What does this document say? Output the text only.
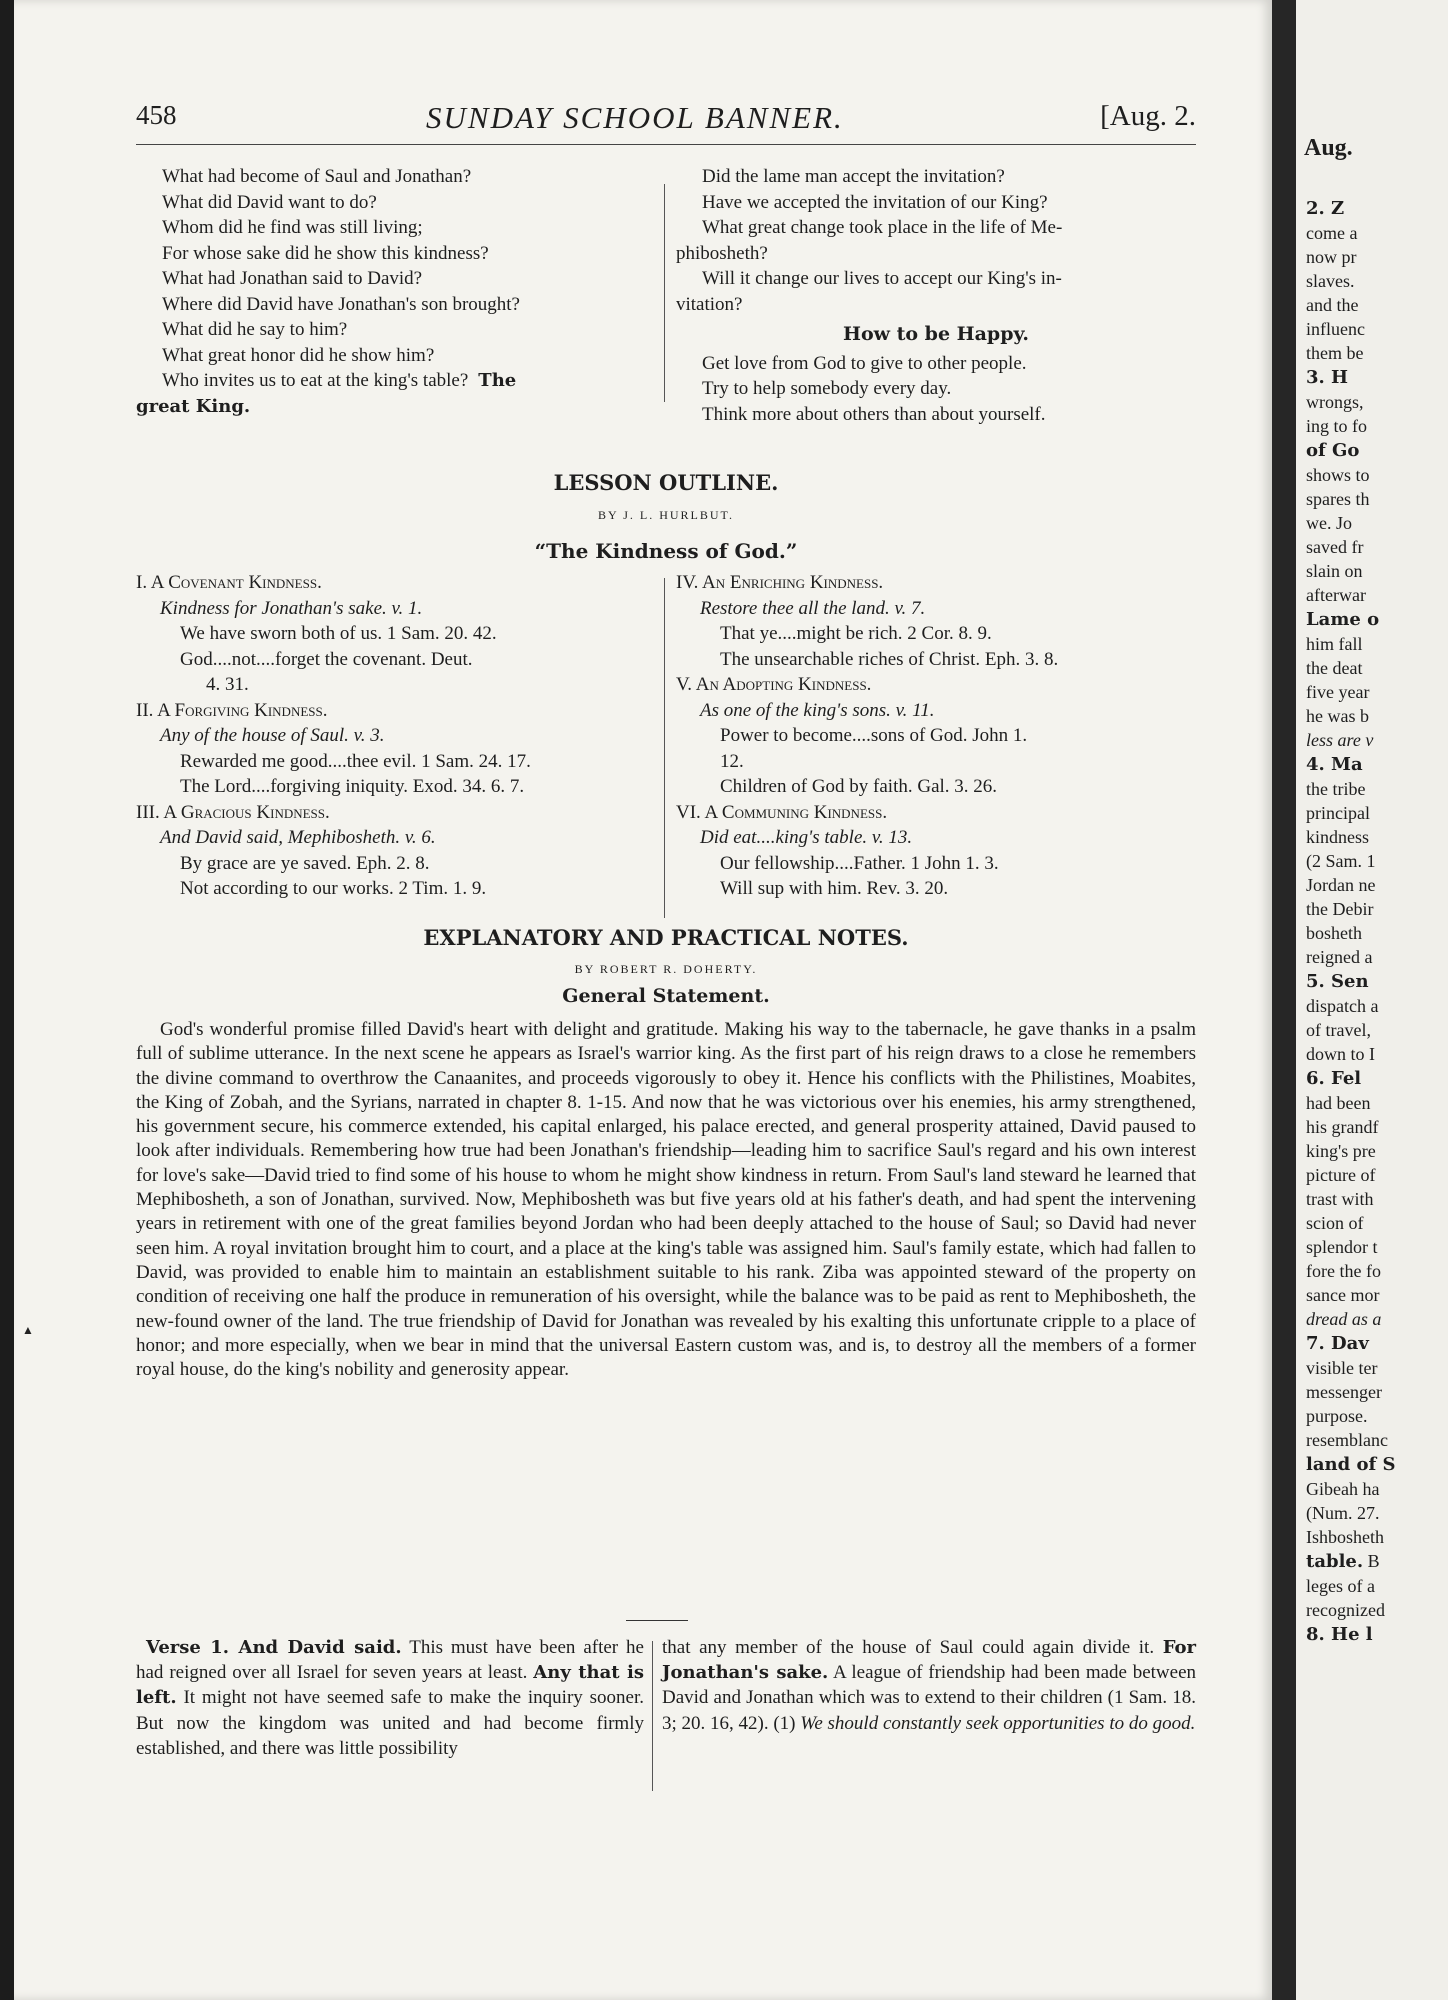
▲
458	SUNDAY SCHOOL BANNER.	[Aug. 2.
What had become of Saul and Jonathan?
What did David want to do?
Whom did he find was still living;
For whose sake did he show this kindness?
What had Jonathan said to David?
Where did David have Jonathan's son brought?
What did he say to him?
What great honor did he show him?
Who invites us to eat at the king's table? The
great King.
Did the lame man accept the invitation?
Have we accepted the invitation of our King?
What great change took place in the life of Me-
phibosheth?
Will it change our lives to accept our King's in-
vitation?
How to be Happy.
Get love from God to give to other people.
Try to help somebody every day.
Think more about others than about yourself.
LESSON OUTLINE.
BY J. L. HURLBUT.
“The Kindness of God.”
I. A Covenant Kindness.
Kindness for Jonathan's sake. v. 1.
We have sworn both of us. 1 Sam. 20. 42.
God....not....forget the covenant. Deut.
4. 31.
II. A Forgiving Kindness.
Any of the house of Saul. v. 3.
Rewarded me good....thee evil. 1 Sam. 24. 17.
The Lord....forgiving iniquity. Exod. 34. 6. 7.
III. A Gracious Kindness.
And David said, Mephibosheth. v. 6.
By grace are ye saved. Eph. 2. 8.
Not according to our works. 2 Tim. 1. 9.
IV. An Enriching Kindness.
Restore thee all the land. v. 7.
That ye....might be rich. 2 Cor. 8. 9.
The unsearchable riches of Christ. Eph. 3. 8.
V. An Adopting Kindness.
As one of the king's sons. v. 11.
Power to become....sons of God. John 1.
12.
Children of God by faith. Gal. 3. 26.
VI. A Communing Kindness.
Did eat....king's table. v. 13.
Our fellowship....Father. 1 John 1. 3.
Will sup with him. Rev. 3. 20.
EXPLANATORY AND PRACTICAL NOTES.
BY ROBERT R. DOHERTY.
General Statement.
God's wonderful promise filled David's heart with delight and gratitude. Making his way to the tabernacle, he gave thanks in a psalm full of sublime utterance. In the next scene he appears as Israel's warrior king. As the first part of his reign draws to a close he remembers the divine command to overthrow the Canaanites, and proceeds vigorously to obey it. Hence his conflicts with the Philistines, Moabites, the King of Zobah, and the Syrians, narrated in chapter 8. 1-15. And now that he was victorious over his enemies, his army strengthened, his government secure, his commerce extended, his capital enlarged, his palace erected, and general prosperity attained, David paused to look after individuals. Remembering how true had been Jonathan's friendship—leading him to sacrifice Saul's regard and his own interest for love's sake—David tried to find some of his house to whom he might show kindness in return. From Saul's land steward he learned that Mephibosheth, a son of Jonathan, survived. Now, Mephibosheth was but five years old at his father's death, and had spent the intervening years in retirement with one of the great families beyond Jordan who had been deeply attached to the house of Saul; so David had never seen him. A royal invitation brought him to court, and a place at the king's table was assigned him. Saul's family estate, which had fallen to David, was provided to enable him to maintain an establishment suitable to his rank. Ziba was appointed steward of the property on condition of receiving one half the produce in remuneration of his oversight, while the balance was to be paid as rent to Mephibosheth, the new-found owner of the land. The true friendship of David for Jonathan was revealed by his exalting this unfortunate cripple to a place of honor; and more especially, when we bear in mind that the universal Eastern custom was, and is, to destroy all the members of a former royal house, do the king's nobility and generosity appear.
Verse 1. And David said. This must have been after he had reigned over all Israel for seven years at least. Any that is left. It might not have seemed safe to make the inquiry sooner. But now the kingdom was united and had become firmly established, and there was little possibility
that any member of the house of Saul could again divide it. For Jonathan's sake. A league of friendship had been made between David and Jonathan which was to extend to their children (1 Sam. 18. 3; 20. 16, 42). (1) We should constantly seek opportunities to do good.
Aug.
2. Z
come a
now pr
slaves.
and the
influenc
them be
3. H
wrongs,
ing to fo
of Go
shows to
spares th
we. Jo
saved fr
slain on
afterwar
Lame o
him fall
the deat
five year
he was b
less are v
4. Ma
the tribe
principal
kindness
(2 Sam. 1
Jordan ne
the Debir
bosheth
reigned a
5. Sen
dispatch a
of travel,
down to I
6. Fel
had been
his grandf
king's pre
picture of
trast with
scion of
splendor t
fore the fo
sance mor
dread as a
7. Dav
visible ter
messenger
purpose.
resemblanc
land of S
Gibeah ha
(Num. 27.
Ishbosheth
table. B
leges of a
recognized
8. He l
